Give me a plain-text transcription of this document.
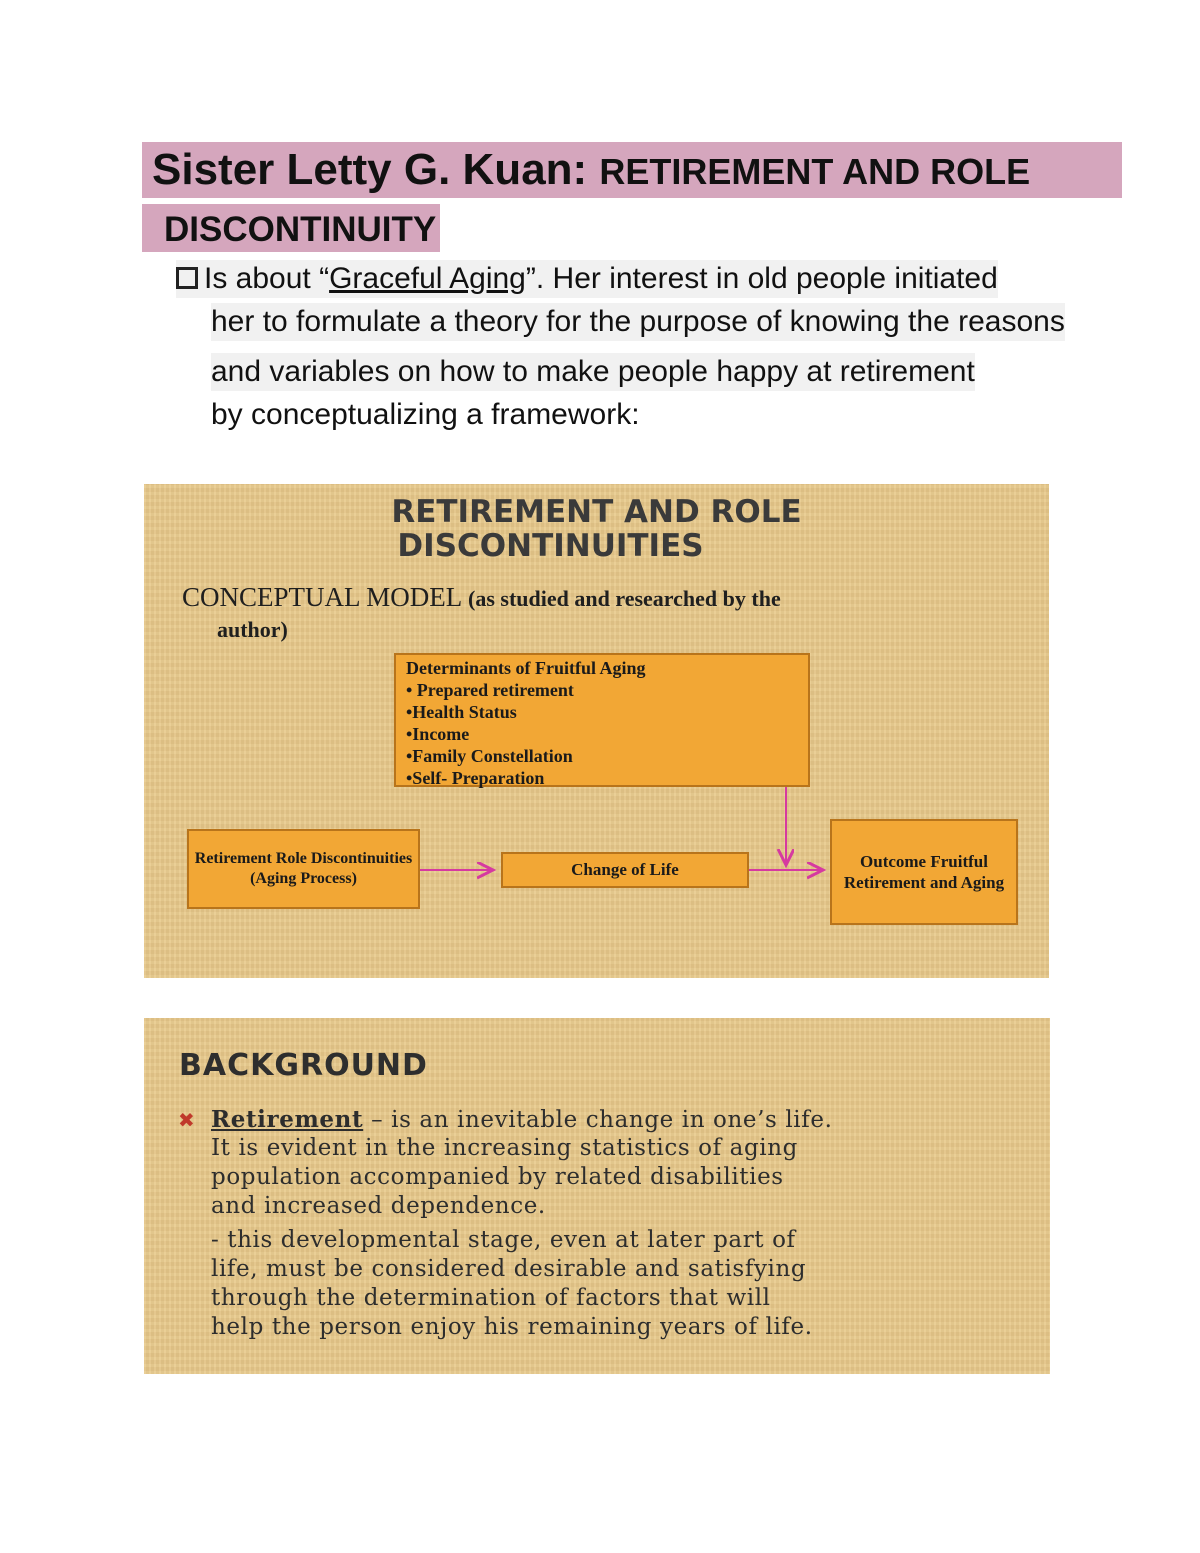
Sister Letty G. Kuan: RETIREMENT AND ROLE
DISCONTINUITY
Is about “Graceful Aging”. Her interest in old people initiated
her to formulate a theory for the purpose of knowing the reasons
and variables on how to make people happy at retirement
by conceptualizing a framework:
RETIREMENT AND ROLE
DISCONTINUITIES
CONCEPTUAL MODEL (as studied and researched by the
author)
Determinants of Fruitful Aging
• Prepared retirement
•Health Status
•Income
•Family Constellation
•Self- Preparation
Retirement Role Discontinuities (Aging Process)	Change of Life	Outcome Fruitful Retirement and Aging
BACKGROUND
✖ Retirement – is an inevitable change in one’s life.
It is evident in the increasing statistics of aging
population accompanied by related disabilities
and increased dependence.
- this developmental stage, even at later part of
life, must be considered desirable and satisfying
through the determination of factors that will
help the person enjoy his remaining years of life.
